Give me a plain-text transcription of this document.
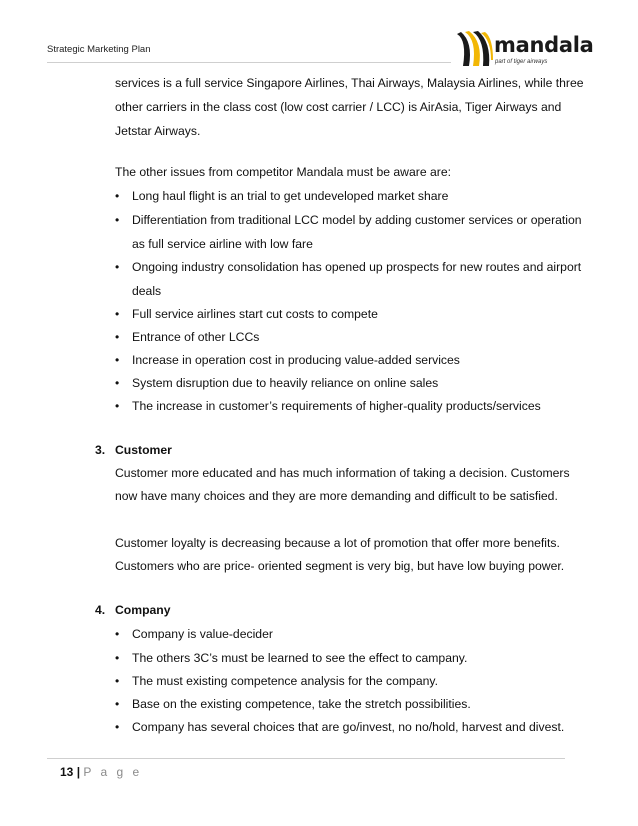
Strategic Marketing Plan	mandala
part of tiger airways
services is a full service Singapore Airlines, Thai Airways, Malaysia Airlines, while three
other carriers in the class cost (low cost carrier / LCC) is AirAsia, Tiger Airways and
Jetstar Airways.
The other issues from competitor Mandala must be aware are:
• Long haul flight is an trial to get undeveloped market share
• Differentiation from traditional LCC model by adding customer services or operation
as full service airline with low fare
• Ongoing industry consolidation has opened up prospects for new routes and airport
deals
• Full service airlines start cut costs to compete
• Entrance of other LCCs
• Increase in operation cost in producing value-added services
• System disruption due to heavily reliance on online sales
• The increase in customer’s requirements of higher-quality products/services
3. Customer
Customer more educated and has much information of taking a decision. Customers
now have many choices and they are more demanding and difficult to be satisfied.
Customer loyalty is decreasing because a lot of promotion that offer more benefits.
Customers who are price- oriented segment is very big, but have low buying power.
4. Company
• Company is value-decider
• The others 3C’s must be learned to see the effect to campany.
• The must existing competence analysis for the company.
• Base on the existing competence, take the stretch possibilities.
• Company has several choices that are go/invest, no no/hold, harvest and divest.
13 | P a g e
